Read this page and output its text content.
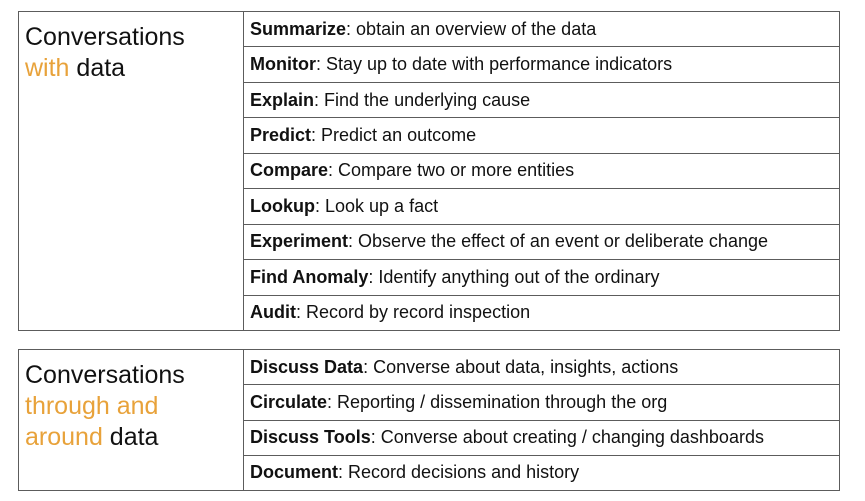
Conversations
with data
Summarize : obtain an overview of the data
Monitor : Stay up to date with performance indicators
Explain : Find the underlying cause
Predict : Predict an outcome
Compare : Compare two or more entities
Lookup : Look up a fact
Experiment : Observe the effect of an event or deliberate change
Find Anomaly : Identify anything out of the ordinary
Audit : Record by record inspection
Conversations
through and
around data
Discuss Data : Converse about data, insights, actions
Circulate : Reporting / dissemination through the org
Discuss Tools : Converse about creating / changing dashboards
Document : Record decisions and history
